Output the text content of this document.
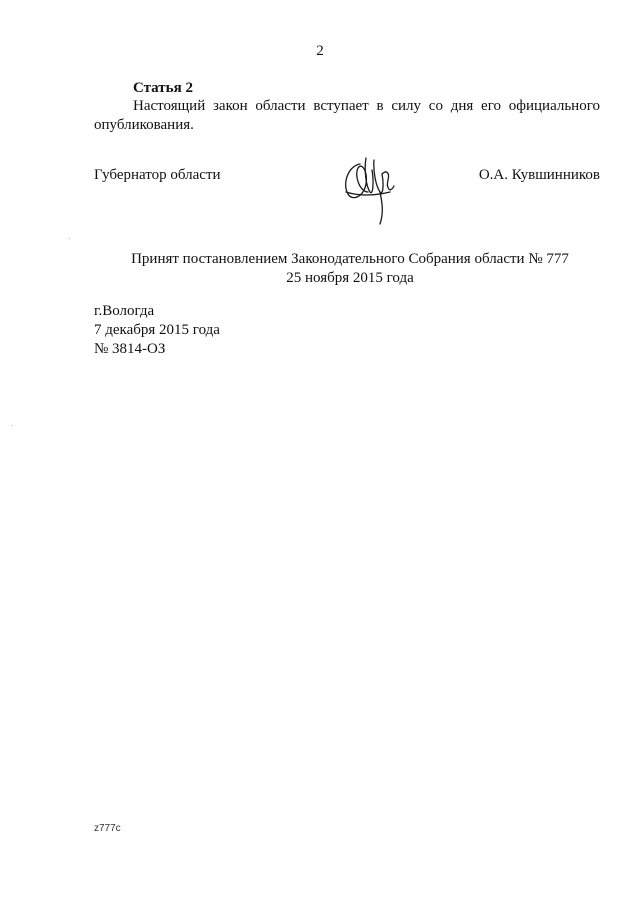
2
Статья 2
Настоящий закон области вступает в силу со дня его официального
опубликования.
Губернатор области	О.А. Кувшинников
Принят постановлением Законодательного Собрания области № 777
25 ноября 2015 года
г.Вологда
7 декабря 2015 года
№ 3814-ОЗ
z777c
